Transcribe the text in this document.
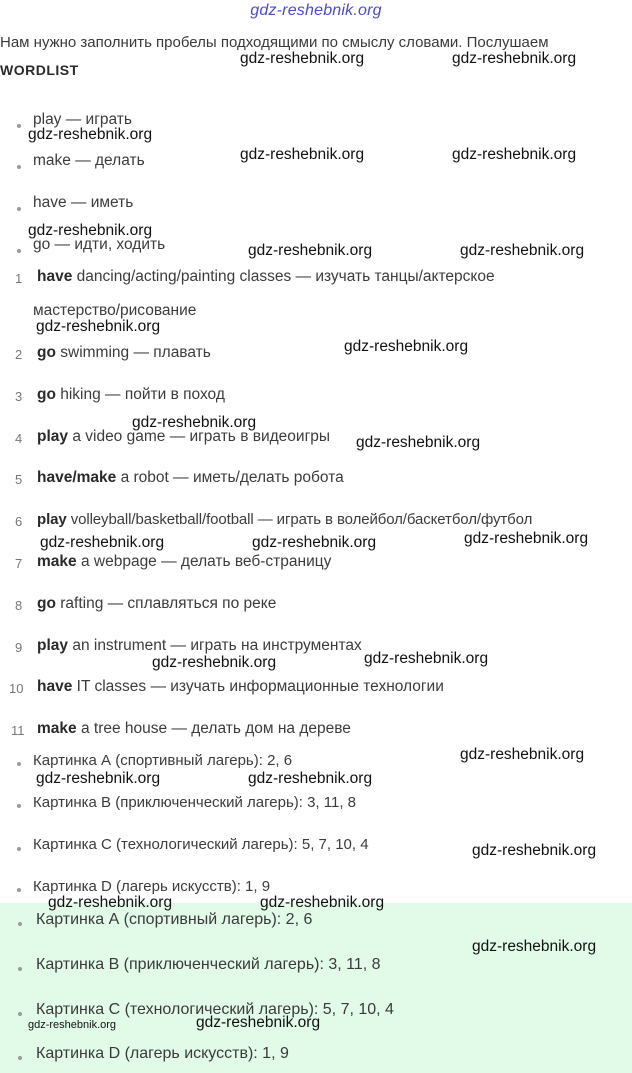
gdz-reshebnik.org
Нам нужно заполнить пробелы подходящими по смыслу словами. Послушаем
WORDLIST
play — играть
make — делать
have — иметь
go — идти, ходить
1 have dancing/acting/painting classes — изучать танцы/актерское
мастерство/рисование
2 go swimming — плавать
3 go hiking — пойти в поход
4 play a video game — играть в видеоигры
5 have/make a robot — иметь/делать робота
6 play volleyball/basketball/football — играть в волейбол/баскетбол/футбол
7 make a webpage — делать веб-страницу
8 go rafting — сплавляться по реке
9 play an instrument — играть на инструментах
10 have IT classes — изучать информационные технологии
11 make a tree house — делать дом на дереве
Картинка А (спортивный лагерь): 2, 6
Картинка В (приключенческий лагерь): 3, 11, 8
Картинка С (технологический лагерь): 5, 7, 10, 4
Картинка D (лагерь искусств): 1, 9
Картинка А (спортивный лагерь): 2, 6
Картинка В (приключенческий лагерь): 3, 11, 8
Картинка С (технологический лагерь): 5, 7, 10, 4
Картинка D (лагерь искусств): 1, 9
gdz-reshebnik.org	gdz-reshebnik.org
gdz-reshebnik.org
gdz-reshebnik.org	gdz-reshebnik.org
gdz-reshebnik.org
gdz-reshebnik.org	gdz-reshebnik.org
gdz-reshebnik.org
gdz-reshebnik.org
gdz-reshebnik.org
gdz-reshebnik.org
gdz-reshebnik.org
gdz-reshebnik.org	gdz-reshebnik.org
gdz-reshebnik.org
gdz-reshebnik.org
gdz-reshebnik.org
gdz-reshebnik.org	gdz-reshebnik.org
gdz-reshebnik.org
gdz-reshebnik.org	gdz-reshebnik.org
gdz-reshebnik.org
gdz-reshebnik.org
gdz-reshebnik.org
